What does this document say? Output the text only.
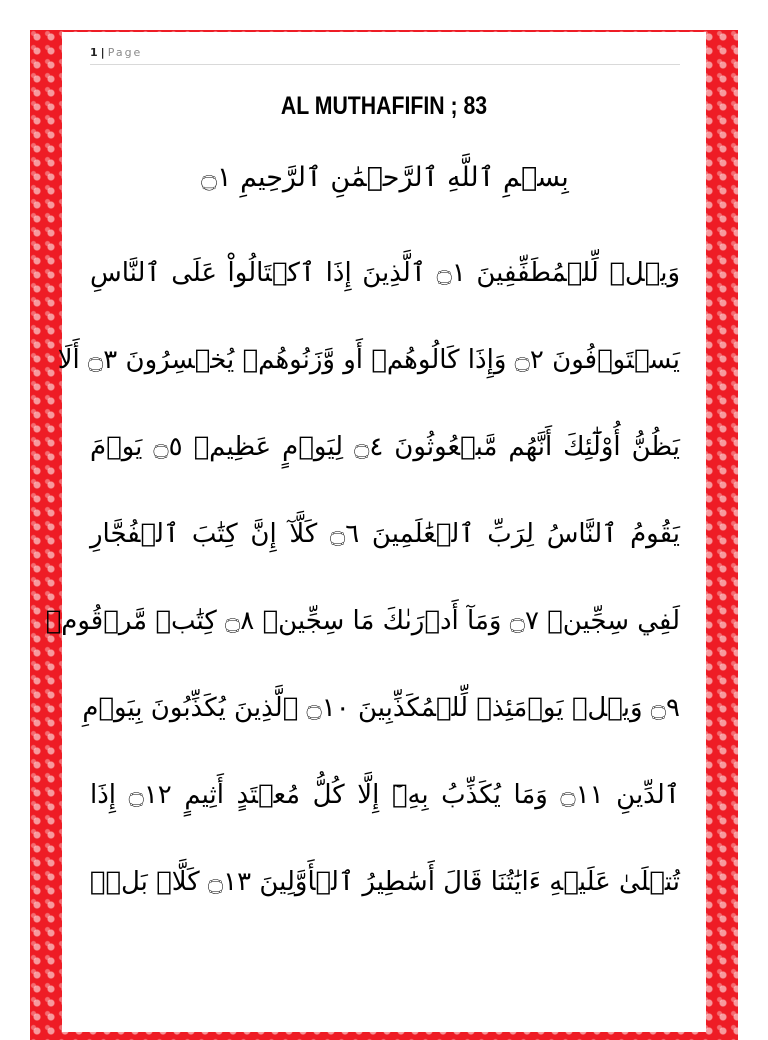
1 | Page
AL MUTHAFIFIN ; 83
بِسۡمِ ٱللَّهِ ٱلرَّحۡمَٰنِ ٱلرَّحِيمِ ۝١
وَيۡلٞ لِّلۡمُطَفِّفِينَ ۝١ ٱلَّذِينَ إِذَا ٱكۡتَالُواْ عَلَى ٱلنَّاسِ
يَسۡتَوۡفُونَ ۝٢ وَإِذَا كَالُوهُمۡ أَو وَّزَنُوهُمۡ يُخۡسِرُونَ ۝٣ أَلَا
يَظُنُّ أُوْلَٰٓئِكَ أَنَّهُم مَّبۡعُوثُونَ ۝٤ لِيَوۡمٍ عَظِيمٖ ۝٥ يَوۡمَ
يَقُومُ ٱلنَّاسُ لِرَبِّ ٱلۡعَٰلَمِينَ ۝٦ كَلَّآ إِنَّ كِتَٰبَ ٱلۡفُجَّارِ
لَفِي سِجِّينٖ ۝٧ وَمَآ أَدۡرَىٰكَ مَا سِجِّينٞ ۝٨ كِتَٰبٞ مَّرۡقُومٞ
۝٩ وَيۡلٞ يَوۡمَئِذٖ لِّلۡمُكَذِّبِينَ ۝١٠ ٱلَّذِينَ يُكَذِّبُونَ بِيَوۡمِ
ٱلدِّينِ ۝١١ وَمَا يُكَذِّبُ بِهِۦٓ إِلَّا كُلُّ مُعۡتَدٍ أَثِيمٍ ۝١٢ إِذَا
تُتۡلَىٰ عَلَيۡهِ ءَايَٰتُنَا قَالَ أَسَٰطِيرُ ٱلۡأَوَّلِينَ ۝١٣ كَلَّاۖ بَلۡۜ
